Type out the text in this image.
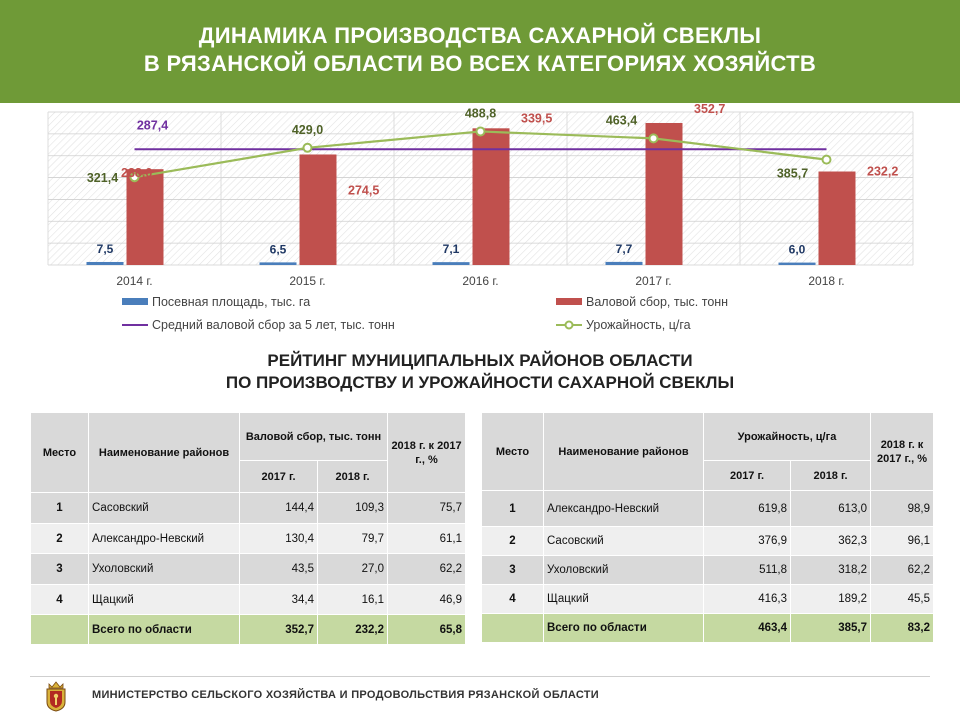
ДИНАМИКА ПРОИЗВОДСТВА САХАРНОЙ СВЕКЛЫ
В РЯЗАНСКОЙ ОБЛАСТИ ВО ВСЕХ КАТЕГОРИЯХ ХОЗЯЙСТВ
7,5	6,5	7,1	7,7	6,0
238,0
274,5
339,5
352,7
232,2
287,4
321,4
429,0
488,8	463,4
385,7
2014 г.	2015 г.	2016 г.	2017 г.	2018 г.
Посевная площадь, тыс. га	Валовой сбор, тыс. тонн
Средний валовой сбор за 5 лет, тыс. тонн	Урожайность, ц/га
РЕЙТИНГ МУНИЦИПАЛЬНЫХ РАЙОНОВ ОБЛАСТИ
ПО ПРОИЗВОДСТВУ И УРОЖАЙНОСТИ САХАРНОЙ СВЕКЛЫ
Место	Наименование районов	Валовой сбор, тыс. тонн		2018 г. к 2017 г., %
		2017 г.	2018 г.	
1	Сасовский	144,4	109,3	75,7
2	Александро-Невский	130,4	79,7	61,1
3	Ухоловский	43,5	27,0	62,2
4	Щацкий	34,4	16,1	46,9
	Всего по области	352,7	232,2	65,8
Место	Наименование районов	Урожайность, ц/га		2018 г. к 2017 г., %
		2017 г.	2018 г.	
1	Александро-Невский	619,8	613,0	98,9
2	Сасовский	376,9	362,3	96,1
3	Ухоловский	511,8	318,2	62,2
4	Щацкий	416,3	189,2	45,5
	Всего по области	463,4	385,7	83,2
МИНИСТЕРСТВО СЕЛЬСКОГО ХОЗЯЙСТВА И ПРОДОВОЛЬСТВИЯ РЯЗАНСКОЙ ОБЛАСТИ
